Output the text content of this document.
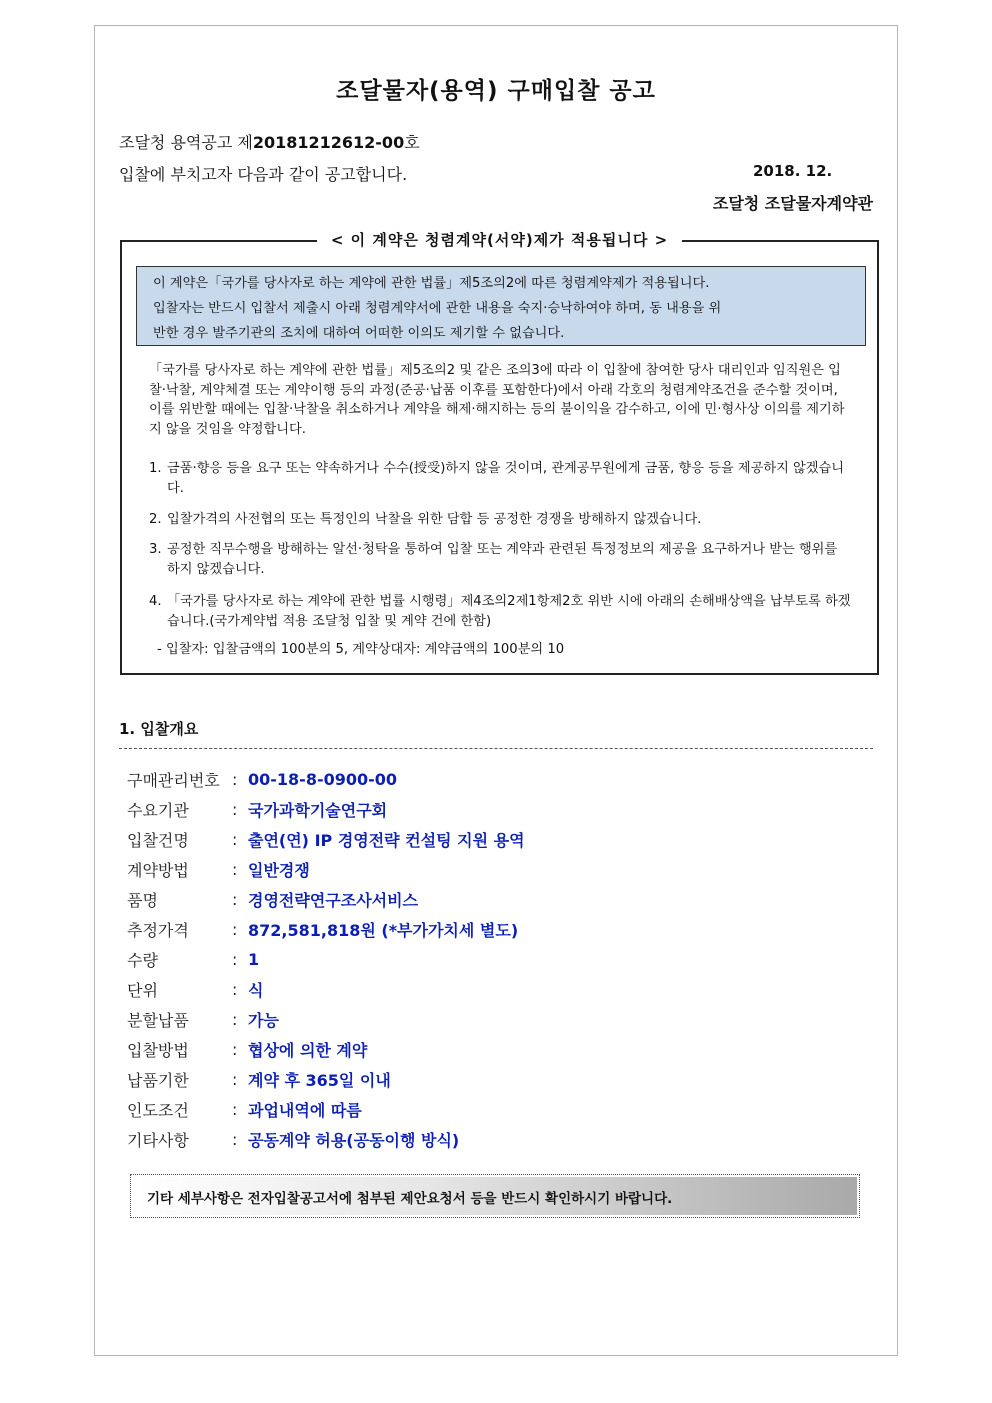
조달물자(용역) 구매입찰 공고
조달청 용역공고 제20181212612-00호
입찰에 부치고자 다음과 같이 공고합니다.	2018. 12.
조달청 조달물자계약관
< 이 계약은 청렴계약(서약)제가 적용됩니다 >
이 계약은「국가를 당사자로 하는 계약에 관한 법률」제5조의2에 따른 청렴계약제가 적용됩니다.
입찰자는 반드시 입찰서 제출시 아래 청렴계약서에 관한 내용을 숙지·승낙하여야 하며, 동 내용을 위
반한 경우 발주기관의 조치에 대하여 어떠한 이의도 제기할 수 없습니다.
「국가를 당사자로 하는 계약에 관한 법률」제5조의2 및 같은 조의3에 따라 이 입찰에 참여한 당사 대리인과 임직원은 입찰·낙찰, 계약체결 또는 계약이행 등의 과정(준공·납품 이후를 포함한다)에서 아래 각호의 청렴계약조건을 준수할 것이며, 이를 위반할 때에는 입찰·낙찰을 취소하거나 계약을 해제·해지하는 등의 불이익을 감수하고, 이에 민·형사상 이의를 제기하지 않을 것임을 약정합니다.
1. 금품·향응 등을 요구 또는 약속하거나 수수(授受)하지 않을 것이며, 관계공무원에게 금품, 향응 등을 제공하지 않겠습니다.
2. 입찰가격의 사전협의 또는 특정인의 낙찰을 위한 담합 등 공정한 경쟁을 방해하지 않겠습니다.
3. 공정한 직무수행을 방해하는 알선·청탁을 통하여 입찰 또는 계약과 관련된 특정정보의 제공을 요구하거나 받는 행위를 하지 않겠습니다.
4. 「국가를 당사자로 하는 계약에 관한 법률 시행령」제4조의2제1항제2호 위반 시에 아래의 손해배상액을 납부토록 하겠습니다.(국가계약법 적용 조달청 입찰 및 계약 건에 한함)
- 입찰자: 입찰금액의 100분의 5, 계약상대자: 계약금액의 100분의 10
1. 입찰개요
구매관리번호 : 00-18-8-0900-00
수요기관	: 국가과학기술연구회
입찰건명	: 출연(연) IP 경영전략 컨설팅 지원 용역
계약방법	: 일반경쟁
품명	: 경영전략연구조사서비스
추정가격	: 872,581,818원 (*부가가치세 별도)
수량	: 1
단위	: 식
분할납품	: 가능
입찰방법	: 협상에 의한 계약
납품기한	: 계약 후 365일 이내
인도조건	: 과업내역에 따름
기타사항	: 공동계약 허용(공동이행 방식)
기타 세부사항은 전자입찰공고서에 첨부된 제안요청서 등을 반드시 확인하시기 바랍니다.
